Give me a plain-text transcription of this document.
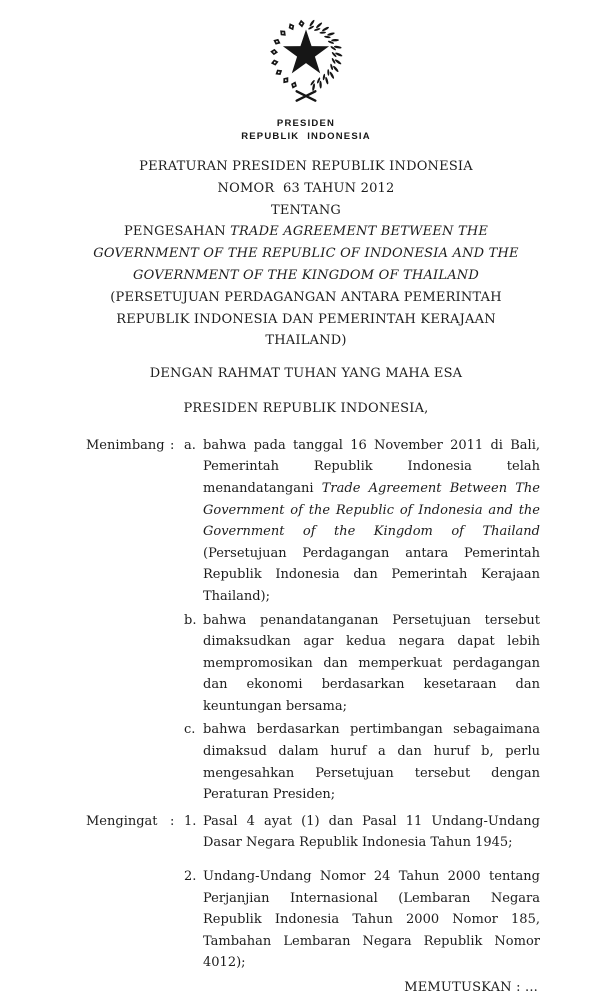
PRESIDEN
REPUBLIK INDONESIA
PERATURAN PRESIDEN REPUBLIK INDONESIA
NOMOR  63 TAHUN 2012
TENTANG
PENGESAHAN TRADE AGREEMENT BETWEEN THE GOVERNMENT OF THE REPUBLIC OF INDONESIA AND THE GOVERNMENT OF THE KINGDOM OF THAILAND (PERSETUJUAN PERDAGANGAN ANTARA PEMERINTAH REPUBLIK INDONESIA DAN PEMERINTAH KERAJAAN THAILAND)
DENGAN RAHMAT TUHAN YANG MAHA ESA
PRESIDEN REPUBLIK INDONESIA,
Menimbang : a. bahwa pada tanggal 16 November 2011 di Bali, Pemerintah Republik Indonesia telah menandatangani Trade Agreement Between The Government of the Republic of Indonesia and the Government of the Kingdom of Thailand (Persetujuan Perdagangan antara Pemerintah Republik Indonesia dan Pemerintah Kerajaan Thailand);
b. bahwa penandatanganan Persetujuan tersebut dimaksudkan agar kedua negara dapat lebih mempromosikan dan memperkuat perdagangan dan ekonomi berdasarkan kesetaraan dan keuntungan bersama;
c. bahwa berdasarkan pertimbangan sebagaimana dimaksud dalam huruf a dan huruf b, perlu mengesahkan Persetujuan tersebut dengan Peraturan Presiden;
Mengingat : 1. Pasal 4 ayat (1) dan Pasal 11 Undang-Undang Dasar Negara Republik Indonesia Tahun 1945;
2. Undang-Undang Nomor 24 Tahun 2000 tentang Perjanjian Internasional (Lembaran Negara Republik Indonesia Tahun 2000 Nomor 185, Tambahan Lembaran Negara Republik Nomor 4012);
MEMUTUSKAN : ...
